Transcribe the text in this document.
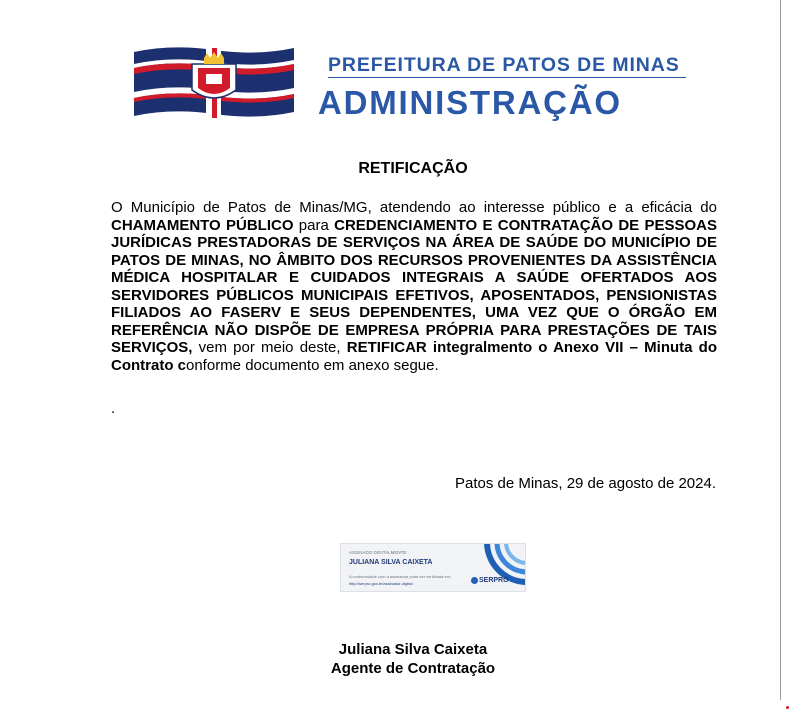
PREFEITURA DE PATOS DE MINAS
ADMINISTRAÇÃO
RETIFICAÇÃO
O Município de Patos de Minas/MG, atendendo ao interesse público e a eficácia do CHAMAMENTO PÚBLICO para CREDENCIAMENTO E CONTRATAÇÃO DE PESSOAS JURÍDICAS PRESTADORAS DE SERVIÇOS NA ÁREA DE SAÚDE DO MUNICÍPIO DE PATOS DE MINAS, NO ÂMBITO DOS RECURSOS PROVENIENTES DA ASSISTÊNCIA MÉDICA HOSPITALAR E CUIDADOS INTEGRAIS A SAÚDE OFERTADOS AOS SERVIDORES PÚBLICOS MUNICIPAIS EFETIVOS, APOSENTADOS, PENSIONISTAS FILIADOS AO FASERV E SEUS DEPENDENTES, UMA VEZ QUE O ÓRGÃO EM REFERÊNCIA NÃO DISPÕE DE EMPRESA PRÓPRIA PARA PRESTAÇÕES DE TAIS SERVIÇOS, vem por meio deste, RETIFICAR integralmento o Anexo VII – Minuta do Contrato conforme documento em anexo segue.
.
Patos de Minas, 29 de agosto de 2024.
ASSINADO DIGITALMENTE
JULIANA SILVA CAIXETA
A conformidade com a assinatura pode ser verificada em:
http://serpro.gov.br/assinador-digital	SERPRO
Juliana Silva Caixeta
Agente de Contratação
